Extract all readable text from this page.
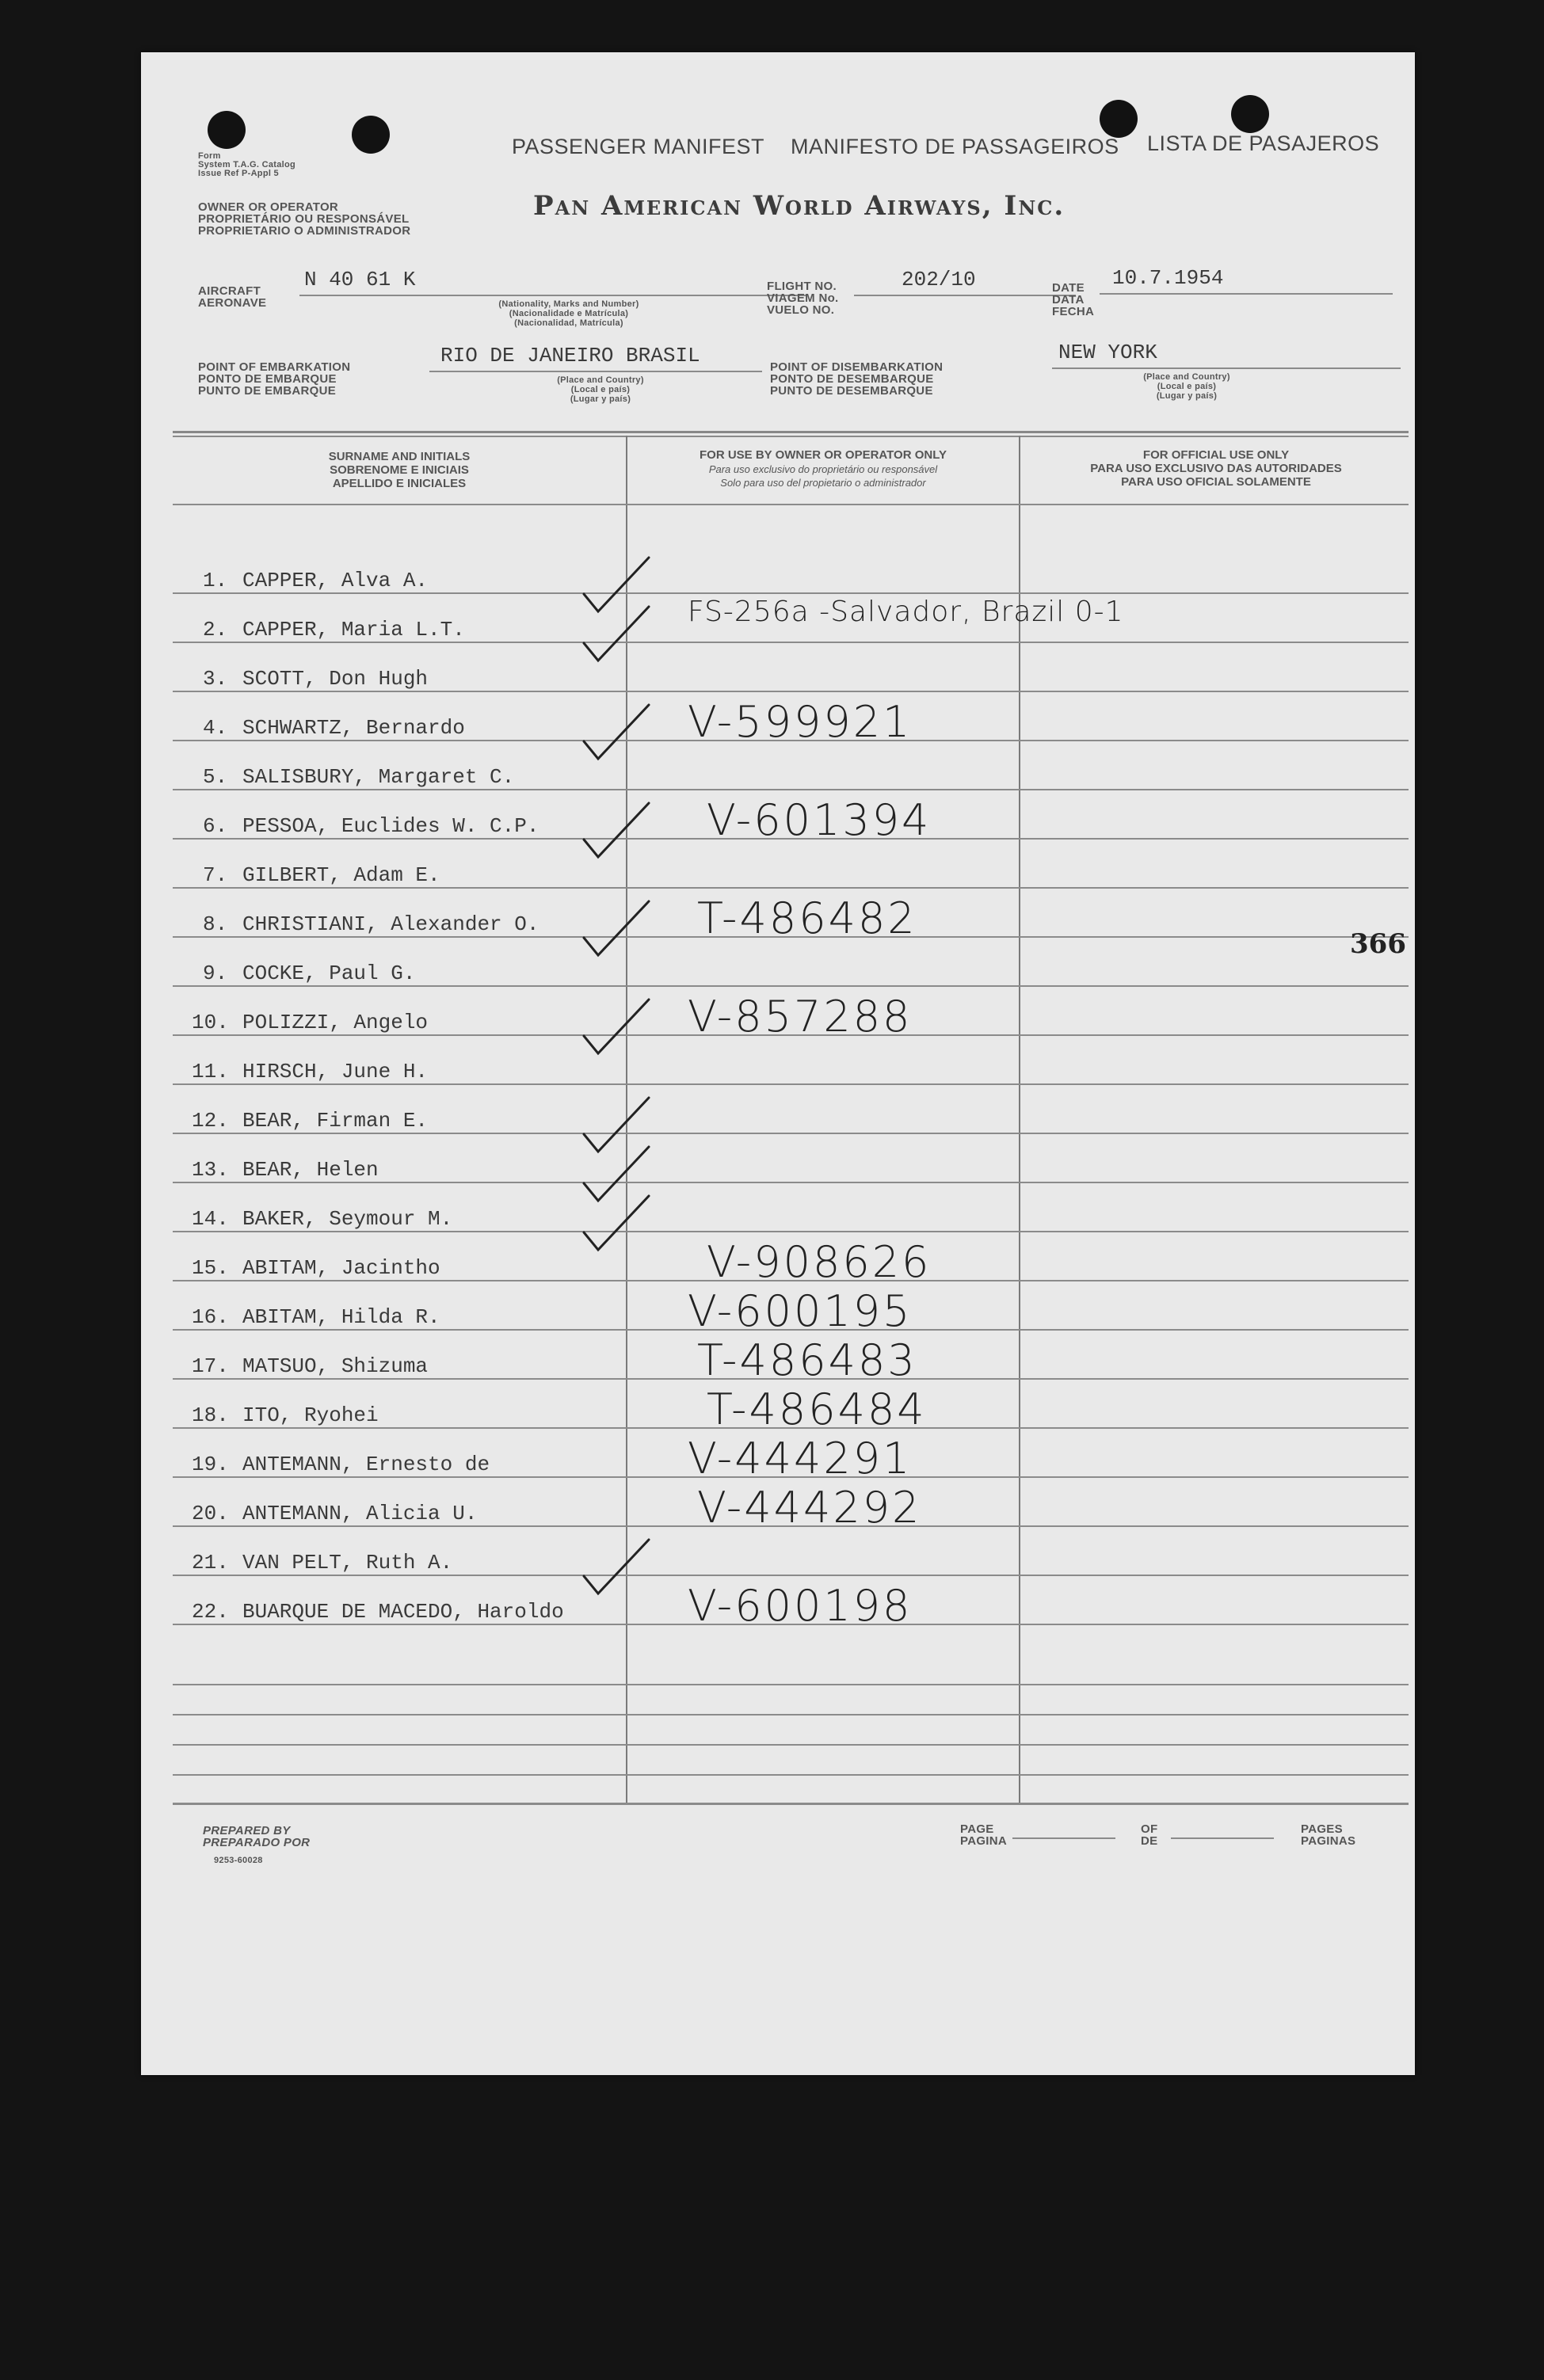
Form
System T.A.G. Catalog
Issue Ref P-Appl 5
PASSENGER MANIFEST MANIFESTO DE PASSAGEIROS LISTA DE PASAJEROS
OWNER OR OPERATOR
PROPRIETÁRIO OU RESPONSÁVEL
PROPRIETARIO O ADMINISTRADOR
Pan American World Airways, Inc.
AIRCRAFT
AERONAVE
N 40 61 K
(Nationality, Marks and Number)
(Nacionalidade e Matrícula)
(Nacionalidad, Matrícula)
FLIGHT NO.
VIAGEM No.
VUELO NO.
202/10	DATE
DATA
FECHA
10.7.1954
POINT OF EMBARKATION
PONTO DE EMBARQUE
PUNTO DE EMBARQUE
RIO DE JANEIRO BRASIL
(Place and Country)
(Local e país)
(Lugar y país)
POINT OF DISEMBARKATION
PONTO DE DESEMBARQUE
PUNTO DE DESEMBARQUE
NEW YORK
(Place and Country)
(Local e país)
(Lugar y país)
SURNAME AND INITIALS
SOBRENOME E INICIAIS
APELLIDO E INICIALES
FOR USE BY OWNER OR OPERATOR ONLY
Para uso exclusivo do proprietário ou responsável
Solo para uso del propietario o administrador
FOR OFFICIAL USE ONLY
PARA USO EXCLUSIVO DAS AUTORIDADES
PARA USO OFICIAL SOLAMENTE
1. CAPPER, Alva A.
2. CAPPER, Maria L.T.
FS-256a -Salvador, Brazil 0-1
3. SCOTT, Don Hugh
4. SCHWARTZ, Bernardo	V-599921
5. SALISBURY, Margaret C.
6. PESSOA, Euclides W. C.P.	V-601394
7. GILBERT, Adam E.
8. CHRISTIANI, Alexander O.	T-486482
9. COCKE, Paul G.
10. POLIZZI, Angelo	V-857288
11. HIRSCH, June H.
12. BEAR, Firman E.
13. BEAR, Helen
14. BAKER, Seymour M.
15. ABITAM, Jacintho	V-908626
16. ABITAM, Hilda R.	V-600195
17. MATSUO, Shizuma	T-486483
18. ITO, Ryohei	T-486484
19. ANTEMANN, Ernesto de	V-444291
20. ANTEMANN, Alicia U.	V-444292
21. VAN PELT, Ruth A.
22. BUARQUE DE MACEDO, Haroldo	V-600198
366
PREPARED BY
PREPARADO POR
9253-60028
PAGE
PAGINA
OF
DE
PAGES
PAGINAS
